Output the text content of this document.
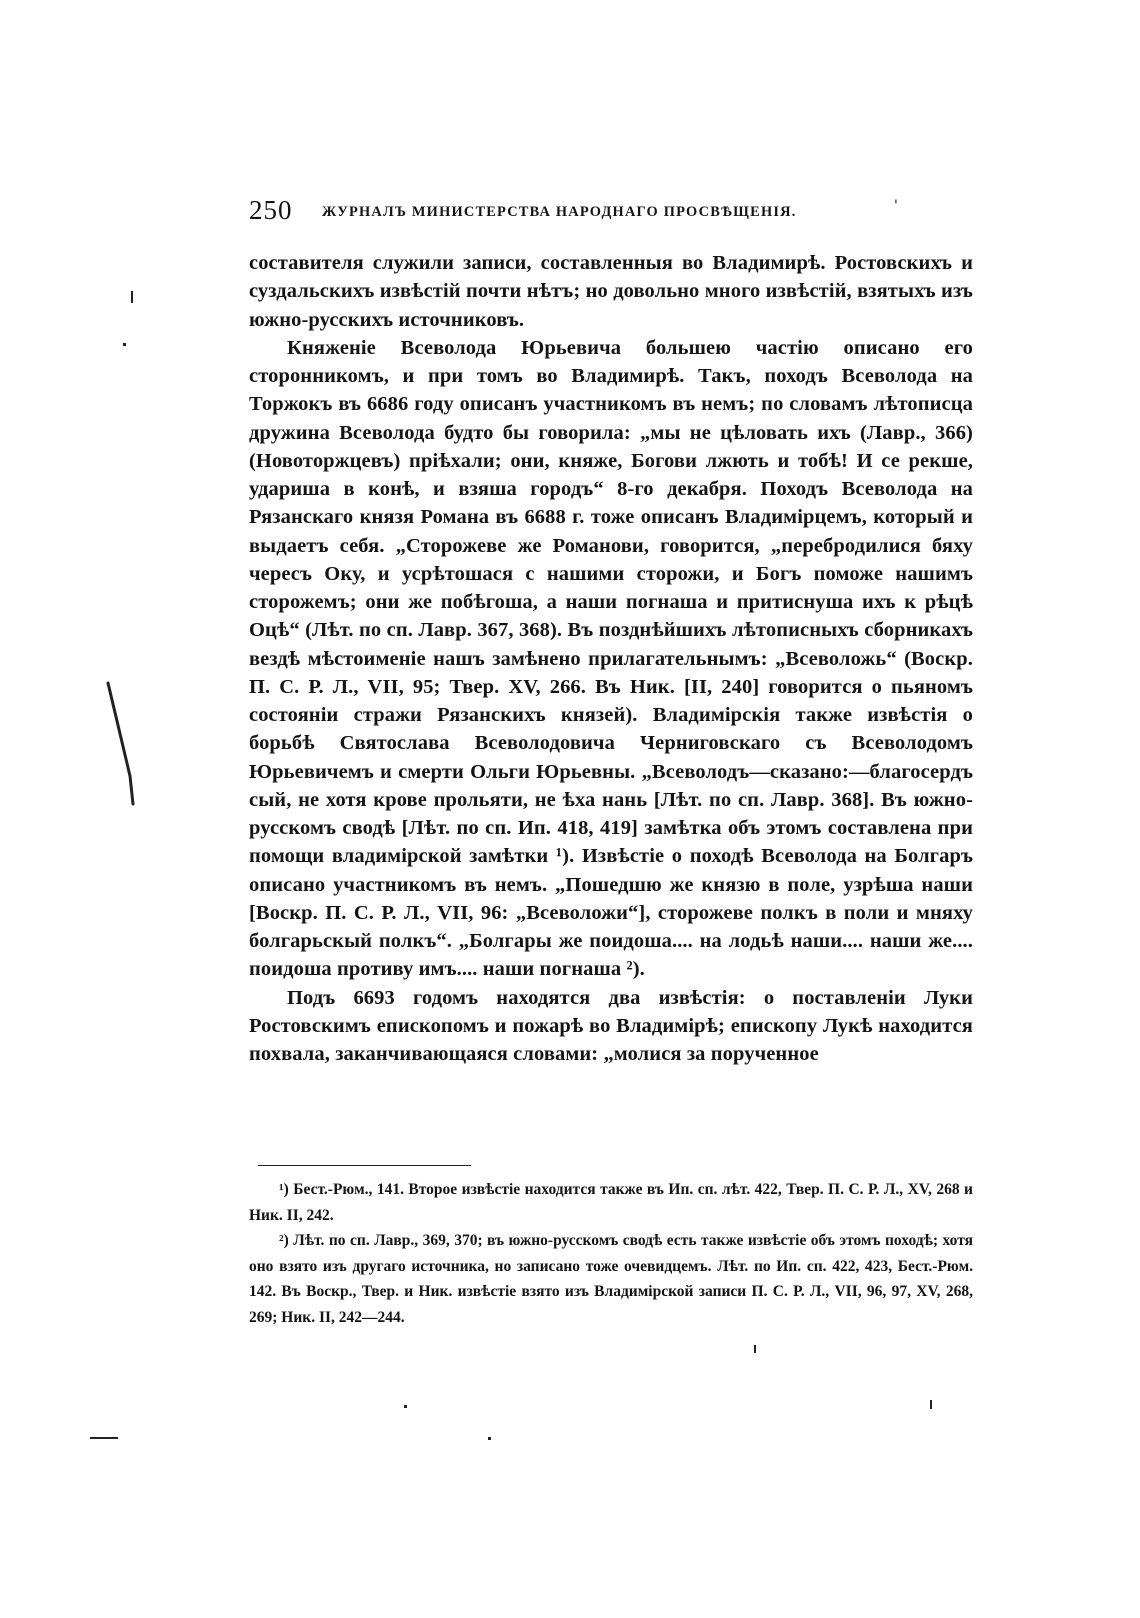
250 ЖУРНАЛЪ МИНИСТЕРСТВА НАРОДНАГО ПРОСВѢЩЕНІЯ.	'

составителя служили записи, составленныя во Владимирѣ. Ростовскихъ и суздальскихъ извѣстій почти нѣтъ; но довольно много извѣстій, взятыхъ изъ южно-русскихъ источниковъ.

Княженіе Всеволода Юрьевича большею частію описано его сторонникомъ, и при томъ во Владимирѣ. Такъ, походъ Всеволода на Торжокъ въ 6686 году описанъ участникомъ въ немъ; по словамъ лѣтописца дружина Всеволода будто бы говорила: „мы не цѣловать ихъ (Лавр., 366) (Новоторжцевъ) пріѣхали; они, княже, Богови лжють и тобѣ! И се рекше, удариша в конѣ, и взяша городъ“ 8-го декабря. Походъ Всеволода на Рязанскаго князя Романа въ 6688 г. тоже описанъ Владимірцемъ, который и выдаетъ себя. „Сторожеве же Романови, говорится, „перебродилися бяху чересъ Оку, и усрѣтошася с нашими сторожи, и Богъ поможе нашимъ сторожемъ; они же побѣгоша, а наши погнаша и притиснуша ихъ к рѣцѣ Оцѣ“ (Лѣт. по сп. Лавр. 367, 368). Въ позднѣйшихъ лѣтописныхъ сборникахъ вездѣ мѣстоименіе нашъ замѣнено прилагательнымъ: „Всеволожь“ (Воскр. П. С. Р. Л., VII, 95; Твер. XV, 266. Въ Ник. [II, 240] говорится о пьяномъ состояніи стражи Рязанскихъ князей). Владимірскія также извѣстія о борьбѣ Святослава Всеволодовича Черниговскаго съ Всеволодомъ Юрьевичемъ и смерти Ольги Юрьевны. „Всеволодъ—сказано:—благосердъ сый, не хотя крове прольяти, не ѣха нань [Лѣт. по сп. Лавр. 368]. Въ южно-русскомъ сводѣ [Лѣт. по сп. Ип. 418, 419] замѣтка объ этомъ составлена при помощи владимірской замѣтки ¹). Извѣстіе о походѣ Всеволода на Болгаръ описано участникомъ въ немъ. „Пошедшю же князю в поле, узрѣша наши [Воскр. П. С. Р. Л., VII, 96: „Всеволожи“], сторожеве полкъ в поли и мняху болгарьскый полкъ“. „Болгары же поидоша.... на лодьѣ наши.... наши же.... поидоша противу имъ.... наши погнаша ²).

Подъ 6693 годомъ находятся два извѣстія: о поставленіи Луки Ростовскимъ епископомъ и пожарѣ во Владимірѣ; епископу Лукѣ находится похвала, заканчивающаяся словами: „молися за порученное

¹) Бест.-Рюм., 141. Второе извѣстіе находится также въ Ип. сп. лѣт. 422, Твер. П. С. Р. Л., XV, 268 и Ник. II, 242.

²) Лѣт. по сп. Лавр., 369, 370; въ южно-русскомъ сводѣ есть также извѣстіе объ этомъ походѣ; хотя оно взято изъ другаго источника, но записано тоже очевидцемъ. Лѣт. по Ип. сп. 422, 423, Бест.-Рюм. 142. Въ Воскр., Твер. и Ник. извѣстіе взято изъ Владимірской записи П. С. Р. Л., VII, 96, 97, XV, 268, 269; Ник. II, 242—244.
